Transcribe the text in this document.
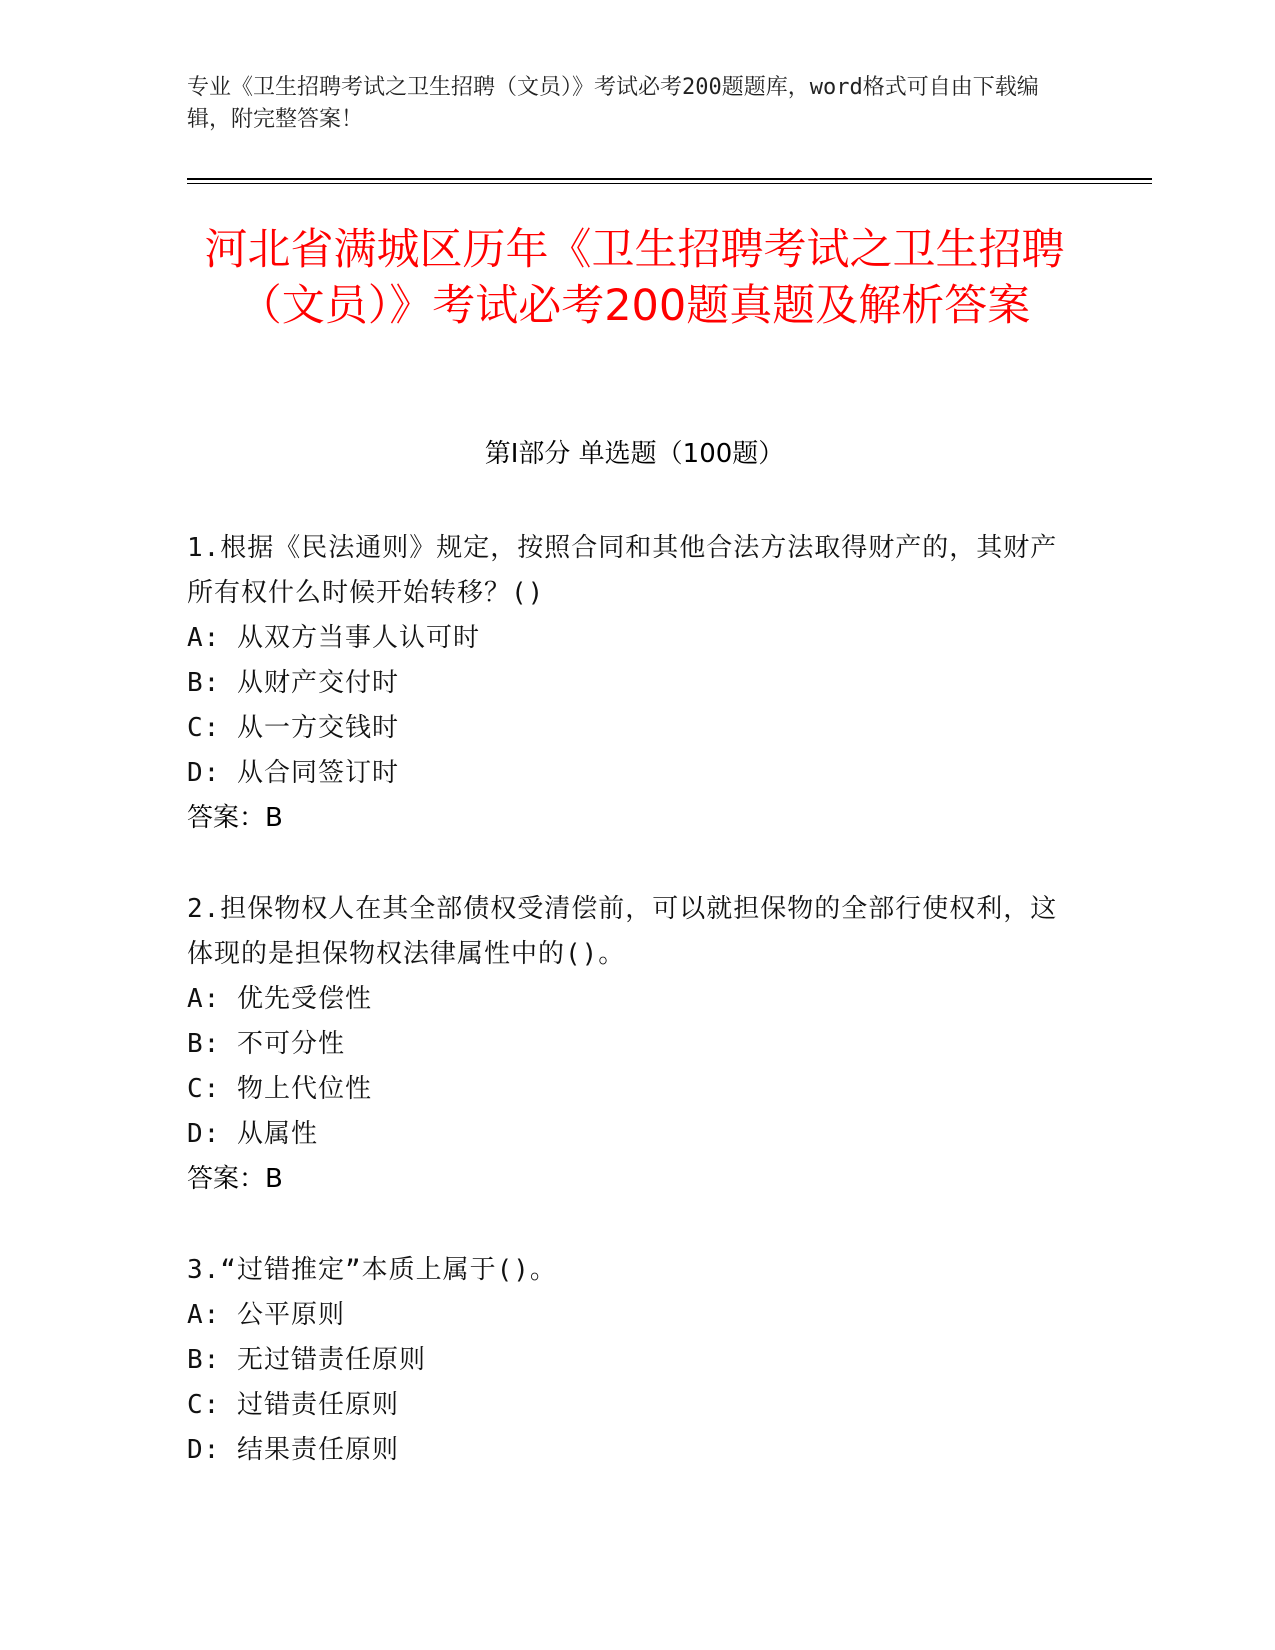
专业《卫生招聘考试之卫生招聘（文员）》考试必考200题题库，word格式可自由下载编辑，附完整答案！
河北省满城区历年《卫生招聘考试之卫生招聘（文员）》考试必考200题真题及解析答案
第I部分 单选题（100题）
1.根据《民法通则》规定，按照合同和其他合法方法取得财产的，其财产所有权什么时候开始转移？()
A: 从双方当事人认可时
B: 从财产交付时
C: 从一方交钱时
D: 从合同签订时
答案：B
2.担保物权人在其全部债权受清偿前，可以就担保物的全部行使权利，这体现的是担保物权法律属性中的()。
A: 优先受偿性
B: 不可分性
C: 物上代位性
D: 从属性
答案：B
3.“过错推定”本质上属于()。
A: 公平原则
B: 无过错责任原则
C: 过错责任原则
D: 结果责任原则
